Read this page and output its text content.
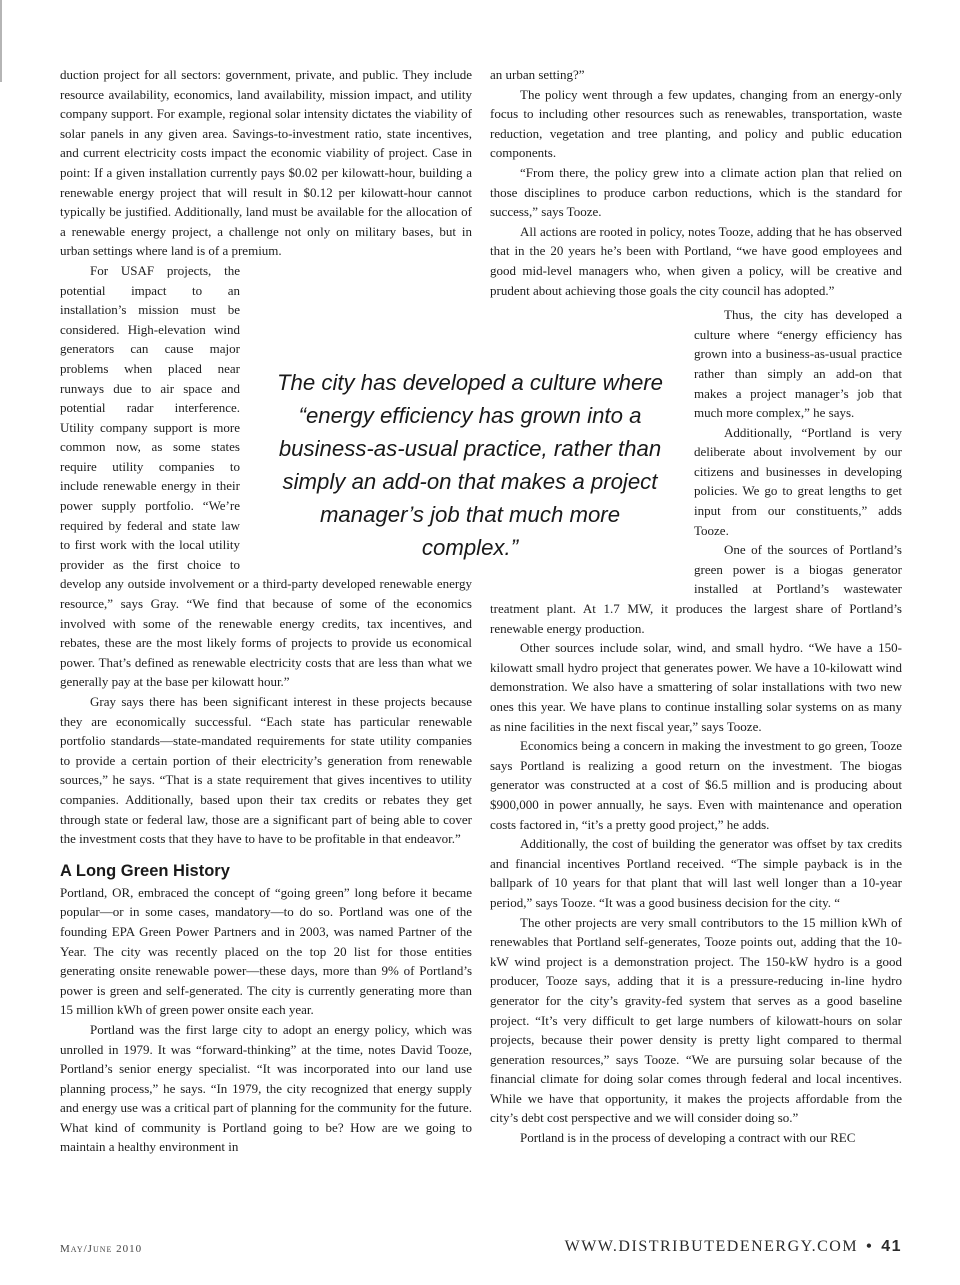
duction project for all sectors: government, private, and public. They include resource availability, economics, land availability, mission impact, and utility company support. For example, regional solar intensity dictates the viability of solar panels in any given area. Savings-to-investment ratio, state incentives, and current electricity costs impact the economic viability of project. Case in point: If a given installation currently pays $0.02 per kilowatt-hour, building a renewable energy project that will result in $0.12 per kilowatt-hour cannot typically be justified. Additionally, land must be available for the allocation of a renewable energy project, a challenge not only on military bases, but in urban settings where land is of a premium.

For USAF projects, the potential impact to an installation’s mission must be considered. High-elevation wind generators can cause major problems when placed near runways due to air space and potential radar interference. Utility company support is more common now, as some states require utility companies to include renewable energy in their power supply portfolio. “We’re required by federal and state law to first work with the local utility provider as the first choice to develop any outside involvement or a third-party developed renewable energy resource,” says Gray. “We find that because of some of the economics involved with some of the renewable energy credits, tax incentives, and rebates, these are the most likely forms of projects to provide us economical power. That’s defined as renewable electricity costs that are less than what we generally pay at the base per kilowatt hour.”

Gray says there has been significant interest in these projects because they are economically successful. “Each state has particular renewable portfolio standards—state-mandated requirements for state utility companies to provide a certain portion of their electricity’s generation from renewable sources,” he says. “That is a state requirement that gives incentives to utility companies. Additionally, based upon their tax credits or rebates they get through state or federal law, those are a significant part of being able to cover the investment costs that they have to have to be profitable in that endeavor.”

A Long Green History

Portland, OR, embraced the concept of “going green” long before it became popular—or in some cases, mandatory—to do so. Portland was one of the founding EPA Green Power Partners and in 2003, was named Partner of the Year. The city was recently placed on the top 20 list for those entities generating onsite renewable power—these days, more than 9% of Portland’s power is green and self-generated. The city is currently generating more than 15 million kWh of green power onsite each year.

Portland was the first large city to adopt an energy policy, which was unrolled in 1979. It was “forward-thinking” at the time, notes David Tooze, Portland’s senior energy specialist. “It was incorporated into our land use planning process,” he says. “In 1979, the city recognized that energy supply and energy use was a critical part of planning for the community for the future. What kind of community is Portland going to be? How are we going to maintain a healthy environment in

an urban setting?”

The policy went through a few updates, changing from an energy-only focus to including other resources such as renewables, transportation, waste reduction, vegetation and tree planting, and policy and public education components.

“From there, the policy grew into a climate action plan that relied on those disciplines to produce carbon reductions, which is the standard for success,” says Tooze.

All actions are rooted in policy, notes Tooze, adding that he has observed that in the 20 years he’s been with Portland, “we have good employees and good mid-level managers who, when given a policy, will be creative and prudent about achieving those goals the city council has adopted.”

Thus, the city has developed a culture where “energy efficiency has grown into a business-as-usual practice rather than simply an add-on that makes a project manager’s job that much more complex,” he says.

Additionally, “Portland is very deliberate about involvement by our citizens and businesses in developing policies. We go to great lengths to get input from our constituents,” adds Tooze.

One of the sources of Portland’s green power is a biogas generator installed at Portland’s wastewater treatment plant. At 1.7 MW, it produces the largest share of Portland’s renewable energy production.

Other sources include solar, wind, and small hydro. “We have a 150-kilowatt small hydro project that generates power. We have a 10-kilowatt wind demonstration. We also have a smattering of solar installations with two new ones this year. We have plans to continue installing solar systems on as many as nine facilities in the next fiscal year,” says Tooze.

Economics being a concern in making the investment to go green, Tooze says Portland is realizing a good return on the investment. The biogas generator was constructed at a cost of $6.5 million and is producing about $900,000 in power annually, he says. Even with maintenance and operation costs factored in, “it’s a pretty good project,” he adds.

Additionally, the cost of building the generator was offset by tax credits and financial incentives Portland received. “The simple payback is in the ballpark of 10 years for that plant that will last well longer than a 10-year period,” says Tooze. “It was a good business decision for the city. “

The other projects are very small contributors to the 15 million kWh of renewables that Portland self-generates, Tooze points out, adding that the 10-kW wind project is a demonstration project. The 150-kW hydro is a good producer, Tooze says, adding that it is a pressure-reducing in-line hydro generator for the city’s gravity-fed system that serves as a good baseline project. “It’s very difficult to get large numbers of kilowatt-hours on solar projects, because their power density is pretty light compared to thermal generation resources,” says Tooze. “We are pursuing solar because of the financial climate for doing solar comes through federal and local incentives. While we have that opportunity, it makes the projects affordable from the city’s debt cost perspective and we will consider doing so.”

Portland is in the process of developing a contract with our REC

The city has developed a culture where “energy efficiency has grown into a business-as-usual practice, rather than simply an add-on that makes a project manager’s job that much more complex.”
May/June 2010	WWW.DISTRIBUTEDENERGY.COM • 41
